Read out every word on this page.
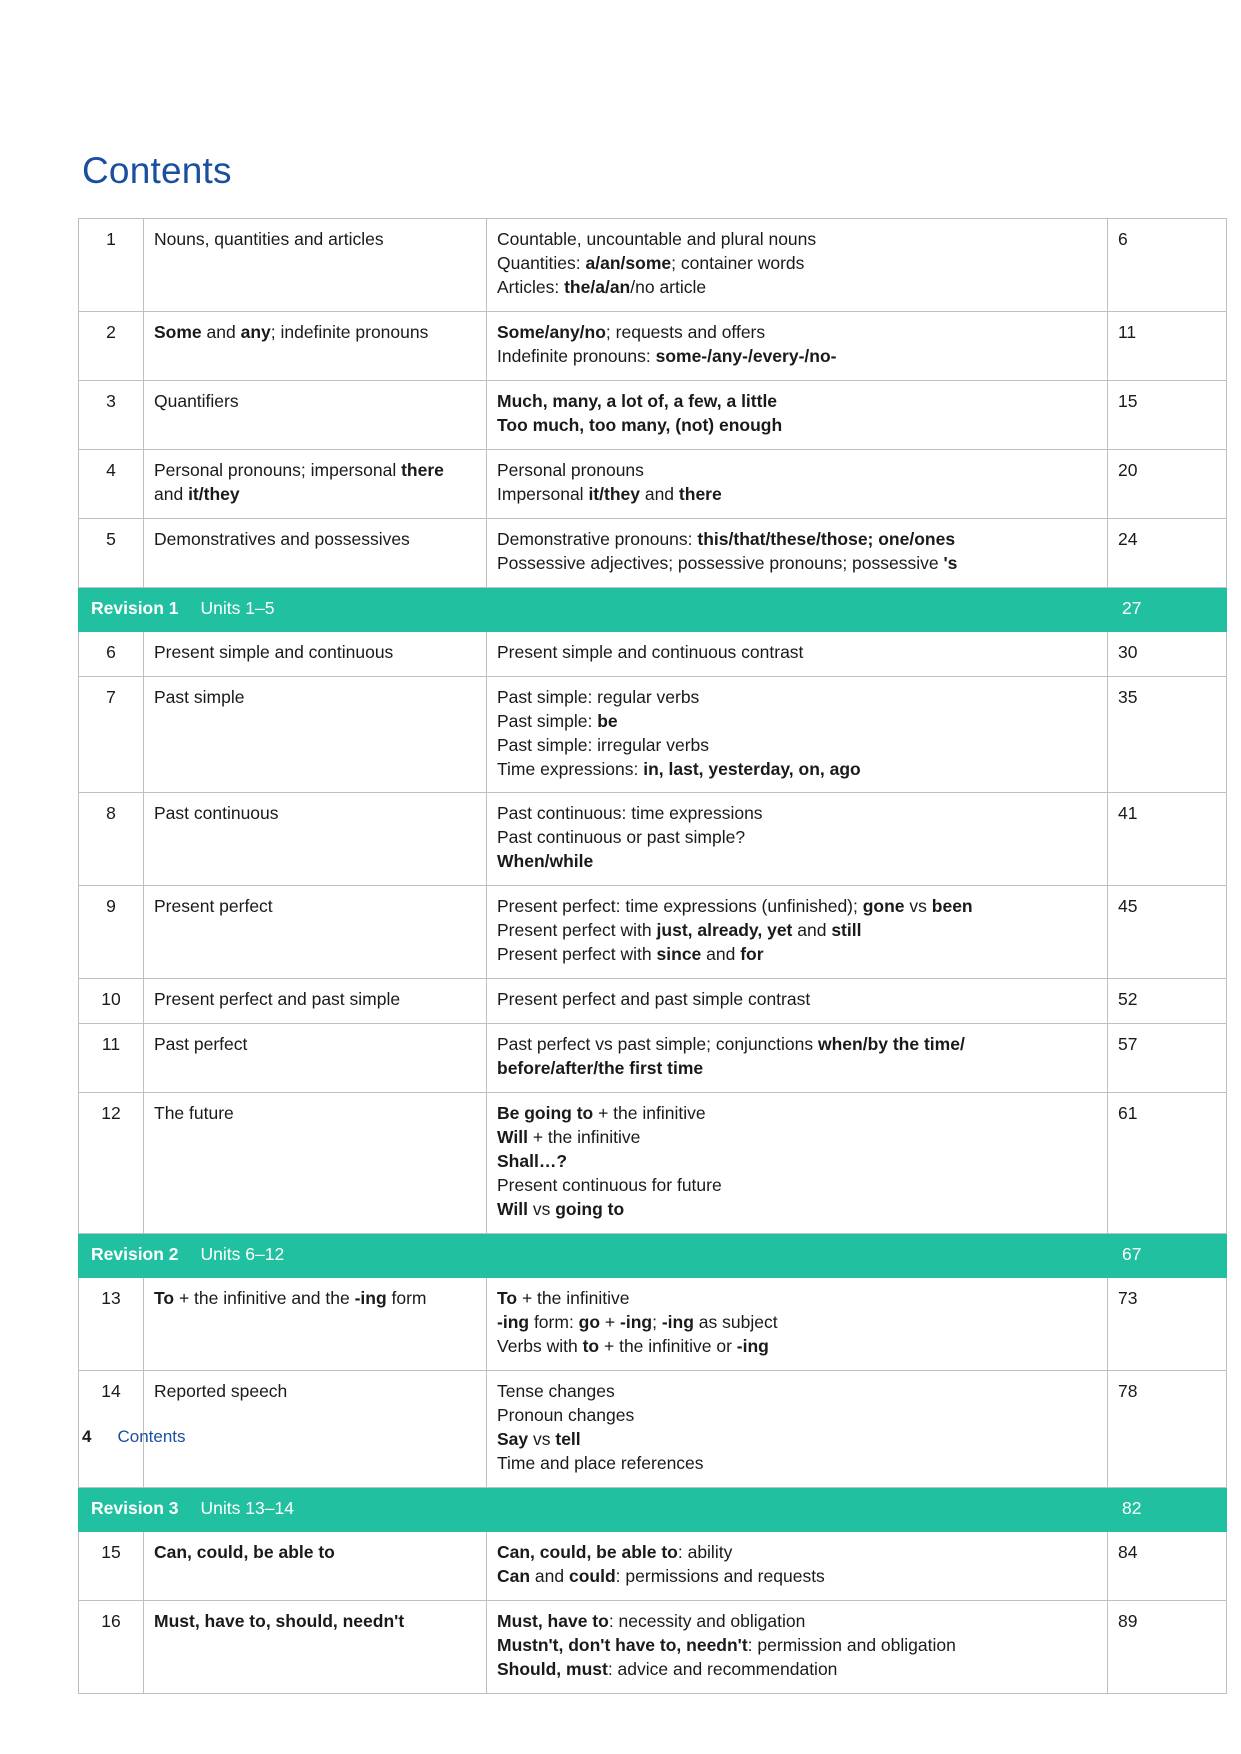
Contents
1	Nouns, quantities and articles	Countable, uncountable and plural nouns
Quantities: a/an/some; container words
Articles: the/a/an/no article	6
2	Some and any; indefinite pronouns	Some/any/no; requests and offers
Indefinite pronouns: some-/any-/every-/no-	11
3	Quantifiers	Much, many, a lot of, a few, a little
Too much, too many, (not) enough	15
4	Personal pronouns; impersonal there and it/they	Personal pronouns
Impersonal it/they and there	20
5	Demonstratives and possessives	Demonstrative pronouns: this/that/these/those; one/ones
Possessive adjectives; possessive pronouns; possessive 's	24
Revision 1 Units 1–5			27
6	Present simple and continuous	Present simple and continuous contrast	30
7	Past simple	Past simple: regular verbs
Past simple: be
Past simple: irregular verbs
Time expressions: in, last, yesterday, on, ago	35
8	Past continuous	Past continuous: time expressions
Past continuous or past simple?
When/while	41
9	Present perfect	Present perfect: time expressions (unfinished); gone vs been
Present perfect with just, already, yet and still
Present perfect with since and for	45
10	Present perfect and past simple	Present perfect and past simple contrast	52
11	Past perfect	Past perfect vs past simple; conjunctions when/by the time/
before/after/the first time	57
12	The future	Be going to + the infinitive
Will + the infinitive
Shall…?
Present continuous for future
Will vs going to	61
Revision 2 Units 6–12			67
13	To + the infinitive and the -ing form	To + the infinitive
-ing form: go + -ing; -ing as subject
Verbs with to + the infinitive or -ing	73
14	Reported speech	Tense changes
Pronoun changes
Say vs tell
Time and place references	78
Revision 3 Units 13–14			82
15	Can, could, be able to	Can, could, be able to: ability
Can and could: permissions and requests	84
16	Must, have to, should, needn't	Must, have to: necessity and obligation
Mustn't, don't have to, needn't: permission and obligation
Should, must: advice and recommendation	89
4 Contents
